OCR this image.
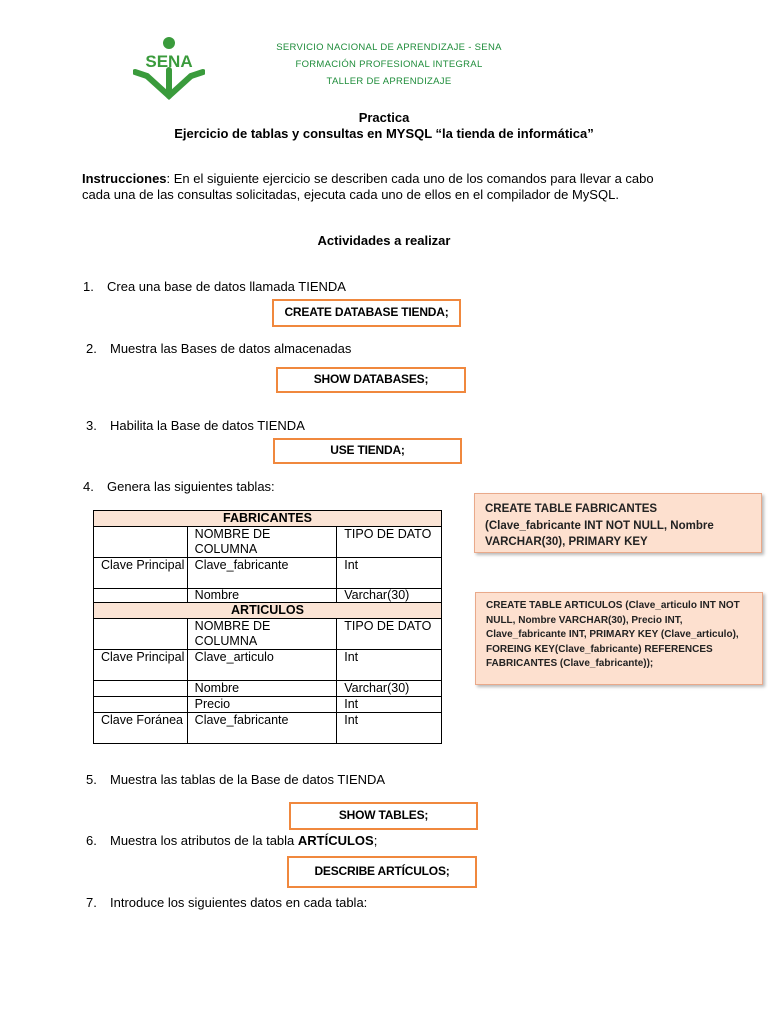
SENA
SERVICIO NACIONAL DE APRENDIZAJE - SENA
FORMACIÓN PROFESIONAL INTEGRAL
TALLER DE APRENDIZAJE
Practica
Ejercicio de tablas y consultas en MYSQL “la tienda de informática”
Instrucciones: En el siguiente ejercicio se describen cada uno de los comandos para llevar a cabo cada una de las consultas solicitadas, ejecuta cada uno de ellos en el compilador de MySQL.
Actividades a realizar
1. Crea una base de datos llamada TIENDA
CREATE DATABASE TIENDA;
2. Muestra las Bases de datos almacenadas
SHOW DATABASES;
3. Habilita la Base de datos TIENDA
USE TIENDA;
4. Genera las siguientes tablas:
FABRICANTES		
	NOMBRE DE COLUMNA	TIPO DE DATO
Clave Principal	Clave_fabricante	Int
	Nombre	Varchar(30)
ARTICULOS		
	NOMBRE DE COLUMNA	TIPO DE DATO
Clave Principal	Clave_articulo	Int
	Nombre	Varchar(30)
	Precio	Int
Clave Foránea	Clave_fabricante	Int
CREATE TABLE FABRICANTES (Clave_fabricante INT NOT NULL, Nombre VARCHAR(30), PRIMARY KEY
CREATE TABLE ARTICULOS (Clave_articulo INT NOT NULL, Nombre VARCHAR(30), Precio INT, Clave_fabricante INT, PRIMARY KEY (Clave_articulo), FOREING KEY(Clave_fabricante) REFERENCES FABRICANTES (Clave_fabricante));
5. Muestra las tablas de la Base de datos TIENDA
SHOW TABLES;
6. Muestra los atributos de la tabla ARTÍCULOS;
DESCRIBE ARTÍCULOS;
7. Introduce los siguientes datos en cada tabla:
